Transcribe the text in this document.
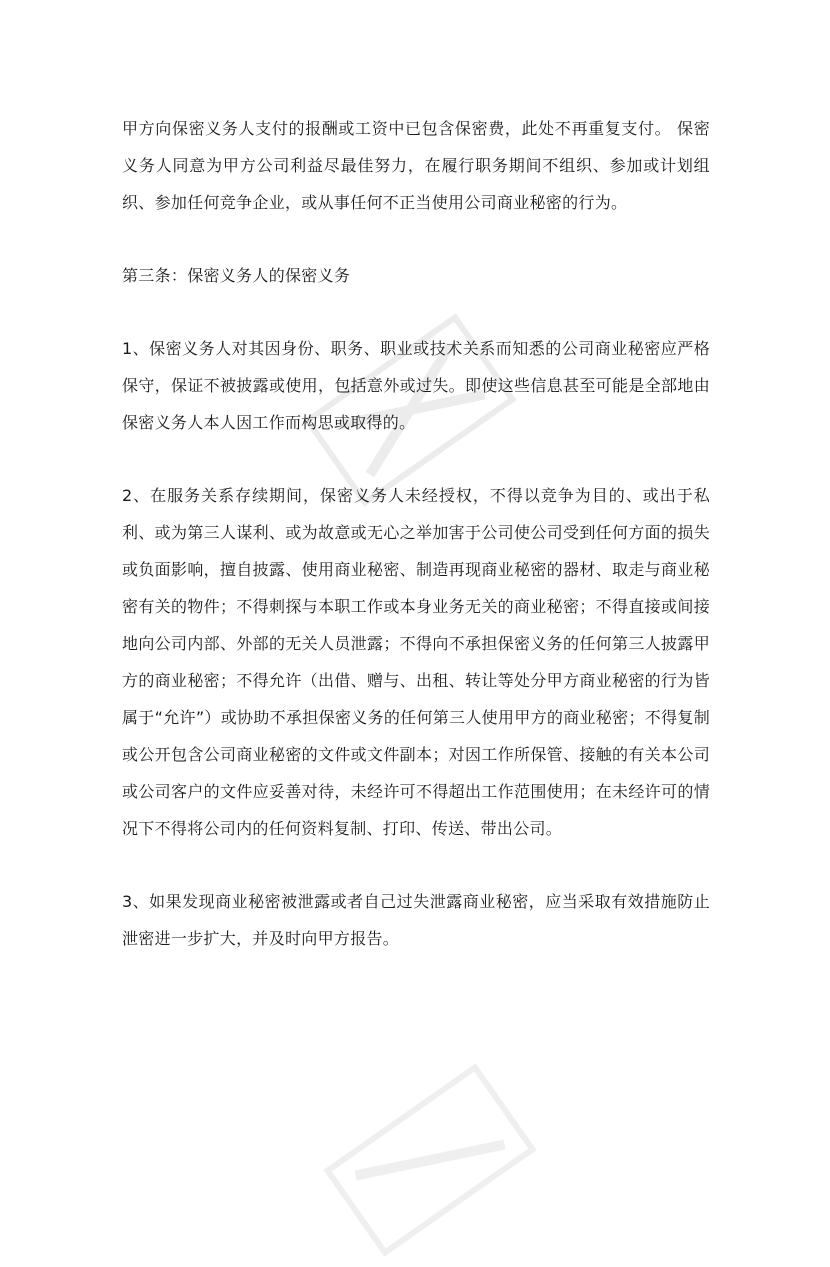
甲方向保密义务人支付的报酬或工资中已包含保密费，此处不再重复支付。 保密义务人同意为甲方公司利益尽最佳努力，在履行职务期间不组织、参加或计划组织、参加任何竞争企业，或从事任何不正当使用公司商业秘密的行为。

第三条：保密义务人的保密义务

1、保密义务人对其因身份、职务、职业或技术关系而知悉的公司商业秘密应严格保守，保证不被披露或使用，包括意外或过失。即使这些信息甚至可能是全部地由保密义务人本人因工作而构思或取得的。

2、在服务关系存续期间，保密义务人未经授权，不得以竞争为目的、或出于私利、或为第三人谋利、或为故意或无心之举加害于公司使公司受到任何方面的损失或负面影响，擅自披露、使用商业秘密、制造再现商业秘密的器材、取走与商业秘密有关的物件；不得刺探与本职工作或本身业务无关的商业秘密；不得直接或间接地向公司内部、外部的无关人员泄露；不得向不承担保密义务的任何第三人披露甲方的商业秘密；不得允许（出借、赠与、出租、转让等处分甲方商业秘密的行为皆属于“允许”）或协助不承担保密义务的任何第三人使用甲方的商业秘密；不得复制或公开包含公司商业秘密的文件或文件副本；对因工作所保管、接触的有关本公司或公司客户的文件应妥善对待，未经许可不得超出工作范围使用；在未经许可的情况下不得将公司内的任何资料复制、打印、传送、带出公司。

3、如果发现商业秘密被泄露或者自己过失泄露商业秘密，应当采取有效措施防止泄密进一步扩大，并及时向甲方报告。
